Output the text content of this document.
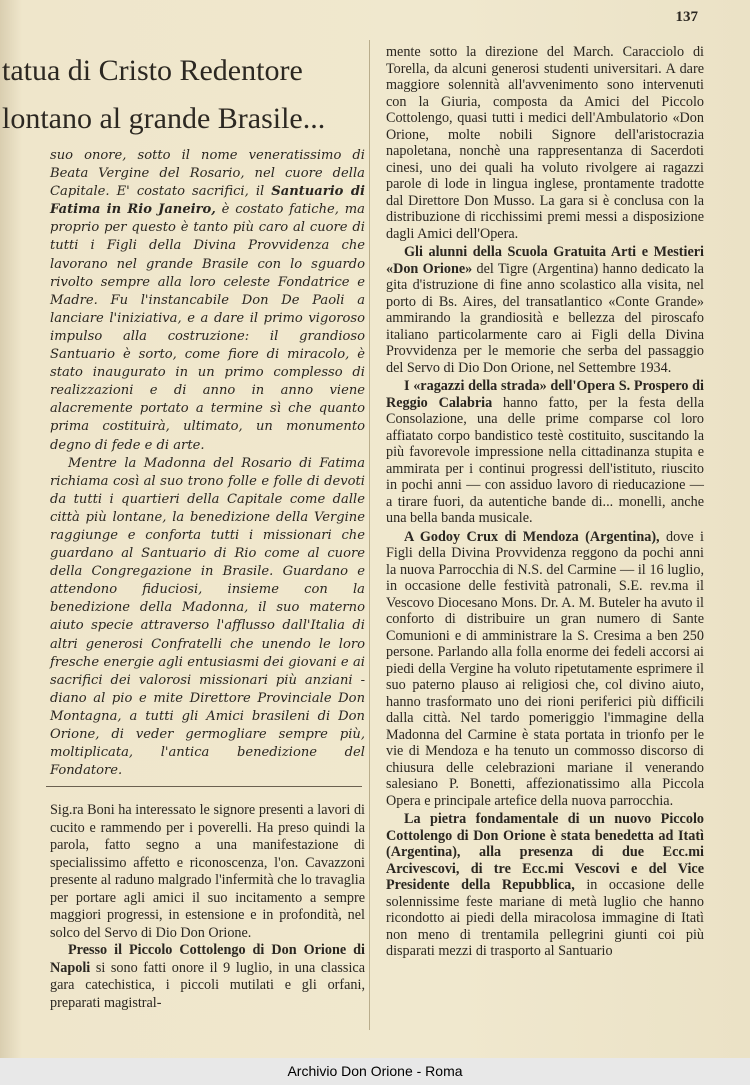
137
tatua di Cristo Redentore
lontano al grande Brasile...

suo onore, sotto il nome veneratissimo di Beata Vergine del Rosario, nel cuore della Capitale. E' costato sacrifici, il Santuario di Fatima in Rio Janeiro, è costato fatiche, ma proprio per questo è tanto più caro al cuore di tutti i Figli della Divina Provvidenza che lavorano nel grande Brasile con lo sguardo rivolto sempre alla loro celeste Fondatrice e Madre. Fu l'instancabile Don De Paoli a lanciare l'iniziativa, e a dare il primo vigoroso impulso alla costruzione: il grandioso Santuario è sorto, come fiore di miracolo, è stato inaugurato in un primo complesso di realizzazioni e di anno in anno viene alacremente portato a termine sì che quanto prima costituirà, ultimato, un monumento degno di fede e di arte.

Mentre la Madonna del Rosario di Fatima richiama così al suo trono folle e folle di devoti da tutti i quartieri della Capitale come dalle città più lontane, la benedizione della Vergine raggiunge e conforta tutti i missionari che guardano al Santuario di Rio come al cuore della Congregazione in Brasile. Guardano e attendono fiduciosi, insieme con la benedizione della Madonna, il suo materno aiuto specie attraverso l'afflusso dall'Italia di altri generosi Confratelli che unendo le loro fresche energie agli entusiasmi dei giovani e ai sacrifici dei valorosi missionari più anziani - diano al pio e mite Direttore Provinciale Don Montagna, a tutti gli Amici brasileni di Don Orione, di veder germogliare sempre più, moltiplicata, l'antica benedizione del Fondatore.

Sig.ra Boni ha interessato le signore presenti a lavori di cucito e rammendo per i poverelli. Ha preso quindi la parola, fatto segno a una manifestazione di specialissimo affetto e riconoscenza, l'on. Cavazzoni presente al raduno malgrado l'infermità che lo travaglia per portare agli amici il suo incitamento a sempre maggiori progressi, in estensione e in profondità, nel solco del Servo di Dio Don Orione.

Presso il Piccolo Cottolengo di Don Orione di Napoli si sono fatti onore il 9 luglio, in una classica gara catechistica, i piccoli mutilati e gli orfani, preparati magistral-

mente sotto la direzione del March. Caracciolo di Torella, da alcuni generosi studenti universitari. A dare maggiore solennità all'avvenimento sono intervenuti con la Giuria, composta da Amici del Piccolo Cottolengo, quasi tutti i medici dell'Ambulatorio «Don Orione, molte nobili Signore dell'aristocrazia napoletana, nonchè una rappresentanza di Sacerdoti cinesi, uno dei quali ha voluto rivolgere ai ragazzi parole di lode in lingua inglese, prontamente tradotte dal Direttore Don Musso. La gara si è conclusa con la distribuzione di ricchissimi premi messi a disposizione dagli Amici dell'Opera.

Gli alunni della Scuola Gratuita Arti e Mestieri «Don Orione» del Tigre (Argentina) hanno dedicato la gita d'istruzione di fine anno scolastico alla visita, nel porto di Bs. Aires, del transatlantico «Conte Grande» ammirando la grandiosità e bellezza del piroscafo italiano particolarmente caro ai Figli della Divina Provvidenza per le memorie che serba del passaggio del Servo di Dio Don Orione, nel Settembre 1934.

I «ragazzi della strada» dell'Opera S. Prospero di Reggio Calabria hanno fatto, per la festa della Consolazione, una delle prime comparse col loro affiatato corpo bandistico testè costituito, suscitando la più favorevole impressione nella cittadinanza stupita e ammirata per i continui progressi dell'istituto, riuscito in pochi anni — con assiduo lavoro di rieducazione — a tirare fuori, da autentiche bande di... monelli, anche una bella banda musicale.

A Godoy Crux di Mendoza (Argentina), dove i Figli della Divina Provvidenza reggono da pochi anni la nuova Parrocchia di N.S. del Carmine — il 16 luglio, in occasione delle festività patronali, S.E. rev.ma il Vescovo Diocesano Mons. Dr. A. M. Buteler ha avuto il conforto di distribuire un gran numero di Sante Comunioni e di amministrare la S. Cresima a ben 250 persone. Parlando alla folla enorme dei fedeli accorsi ai piedi della Vergine ha voluto ripetutamente esprimere il suo paterno plauso ai religiosi che, col divino aiuto, hanno trasformato uno dei rioni periferici più difficili dalla città. Nel tardo pomeriggio l'immagine della Madonna del Carmine è stata portata in trionfo per le vie di Mendoza e ha tenuto un commosso discorso di chiusura delle celebrazioni mariane il venerando salesiano P. Bonetti, affezionatissimo alla Piccola Opera e principale artefice della nuova parrocchia.

La pietra fondamentale di un nuovo Piccolo Cottolengo di Don Orione è stata benedetta ad Itatì (Argentina), alla presenza di due Ecc.mi Arcivescovi, di tre Ecc.mi Vescovi e del Vice Presidente della Repubblica, in occasione delle solennissime feste mariane di metà luglio che hanno ricondotto ai piedi della miracolosa immagine di Itatì non meno di trentamila pellegrini giunti coi più disparati mezzi di trasporto al Santuario

Archivio Don Orione - Roma
